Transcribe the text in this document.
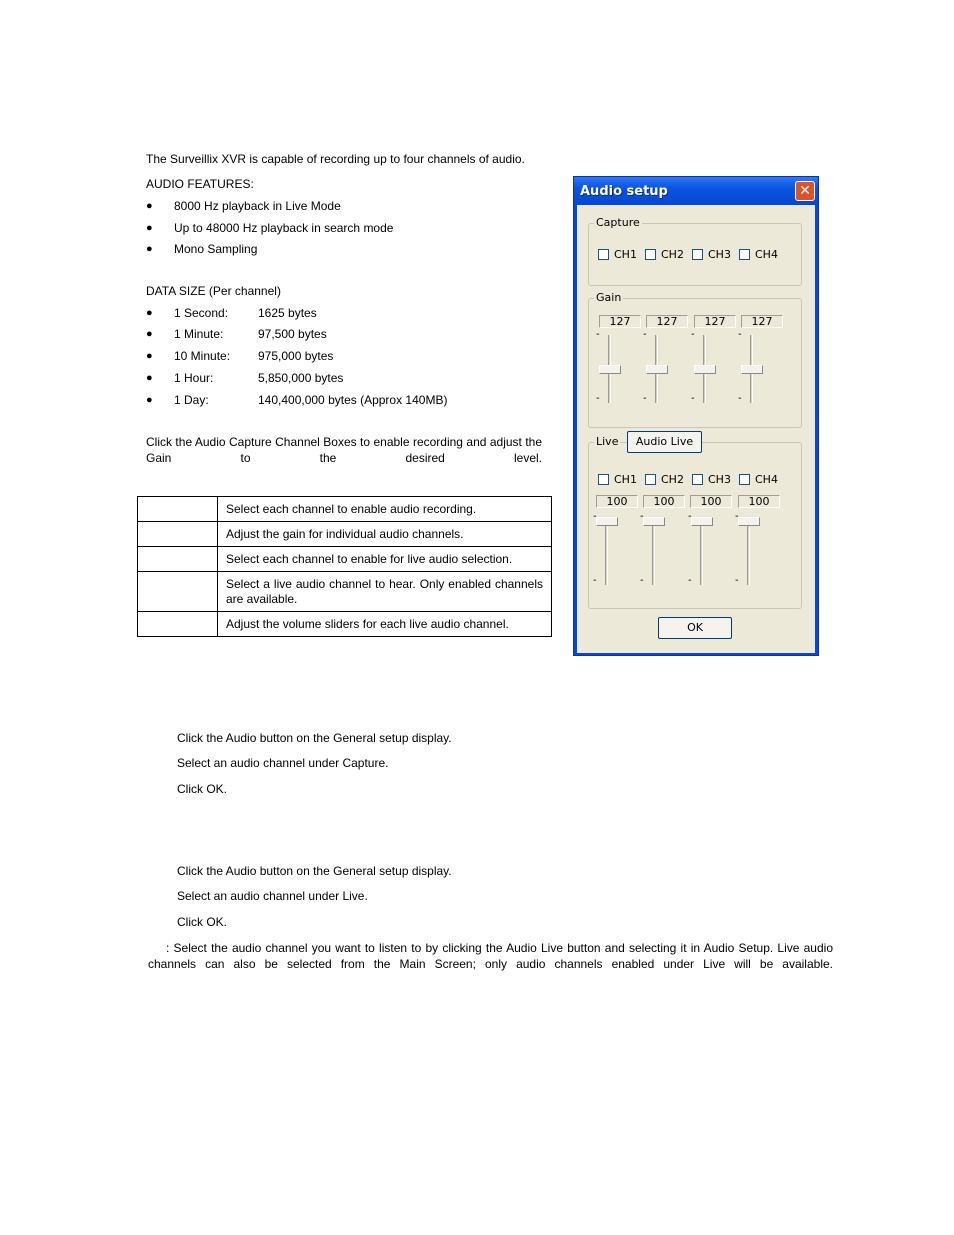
The Surveillix XVR is capable of recording up to four channels of audio.
AUDIO FEATURES:
● 8000 Hz playback in Live Mode
● Up to 48000 Hz playback in search mode
● Mono Sampling
DATA SIZE (Per channel)
● 1 Second: 1625 bytes
● 1 Minute:	97,500 bytes
● 10 Minute: 975,000 bytes
● 1 Hour:	5,850,000 bytes
● 1 Day:	140,400,000 bytes (Approx 140MB)
Click the Audio Capture Channel Boxes to enable recording and adjust the Gain to the desired level.
	Select each channel to enable audio recording.
	Adjust the gain for individual audio channels.
	Select each channel to enable for live audio selection.
	Select a live audio channel to hear. Only enabled channels are available.
	Adjust the volume sliders for each live audio channel.
Click the Audio button on the General setup display.
Select an audio channel under Capture.
Click OK.
Click the Audio button on the General setup display.
Select an audio channel under Live.
Click OK.
: Select the audio channel you want to listen to by clicking the Audio Live button and selecting it in Audio Setup. Live audio channels can also be selected from the Main Screen; only audio channels enabled under Live will be available.
Audio setup	✕
Capture
CH1 CH2 CH3 CH4
Gain
127	127	127	127
-
-
-
-
-
-
-
-
Live	Audio Live
CH1 CH2 CH3 CH4
100	100	100	100
-
-
-
-
-
-
-
-
OK
